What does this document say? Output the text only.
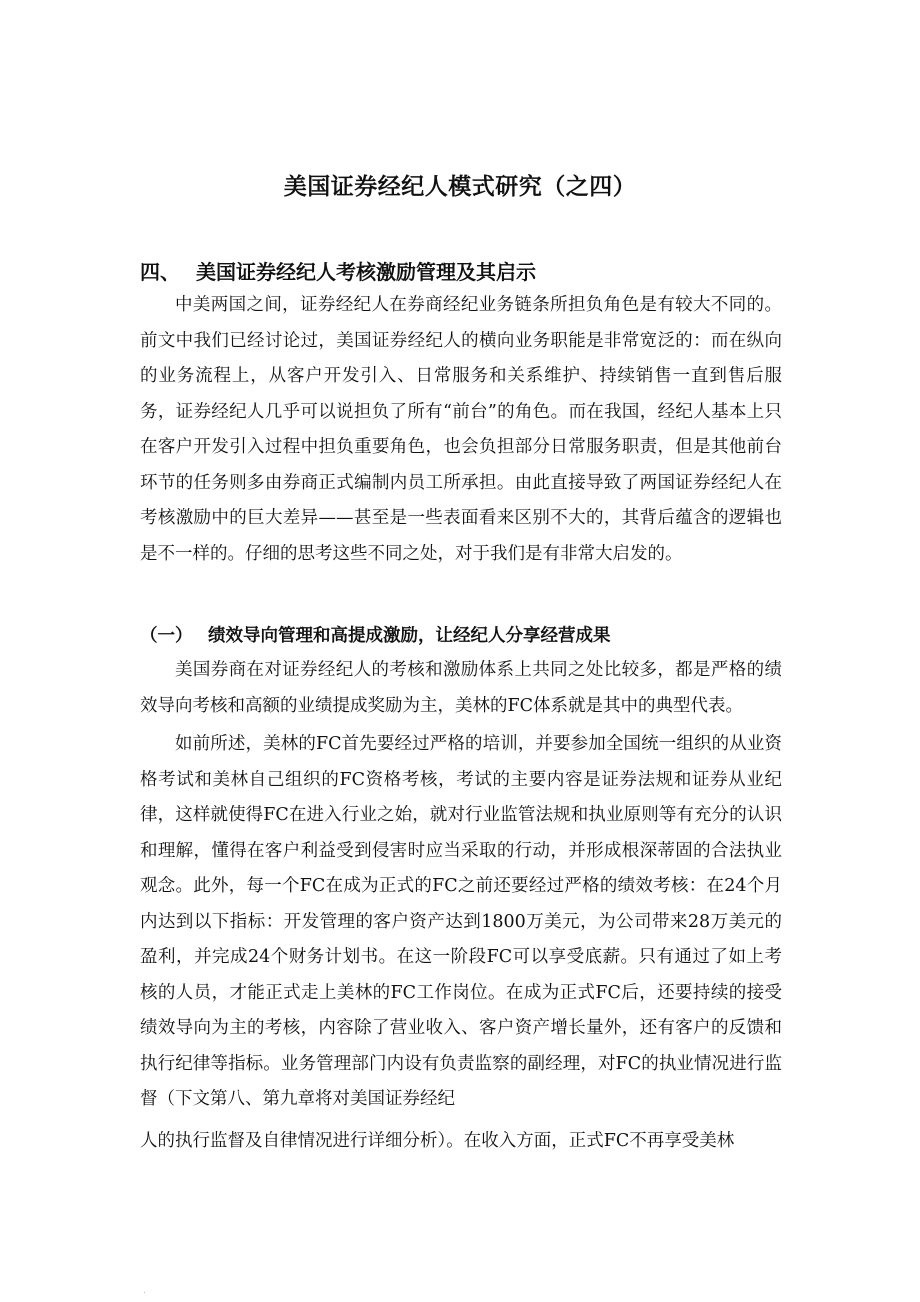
美国证券经纪人模式研究（之四）
四、 美国证券经纪人考核激励管理及其启示

中美两国之间，证券经纪人在券商经纪业务链条所担负角色是有较大不同的。前文中我们已经讨论过，美国证券经纪人的横向业务职能是非常宽泛的：而在纵向的业务流程上，从客户开发引入、日常服务和关系维护、持续销售一直到售后服务，证券经纪人几乎可以说担负了所有“前台”的角色。而在我国，经纪人基本上只在客户开发引入过程中担负重要角色，也会负担部分日常服务职责，但是其他前台环节的任务则多由券商正式编制内员工所承担。由此直接导致了两国证券经纪人在考核激励中的巨大差异——甚至是一些表面看来区别不大的，其背后蕴含的逻辑也是不一样的。仔细的思考这些不同之处，对于我们是有非常大启发的。

（一） 绩效导向管理和高提成激励，让经纪人分享经营成果

美国券商在对证券经纪人的考核和激励体系上共同之处比较多，都是严格的绩效导向考核和高额的业绩提成奖励为主，美林的FC体系就是其中的典型代表。

如前所述，美林的FC首先要经过严格的培训，并要参加全国统一组织的从业资格考试和美林自己组织的FC资格考核，考试的主要内容是证券法规和证券从业纪律，这样就使得FC在进入行业之始，就对行业监管法规和执业原则等有充分的认识和理解，懂得在客户利益受到侵害时应当采取的行动，并形成根深蒂固的合法执业观念。此外，每一个FC在成为正式的FC之前还要经过严格的绩效考核：在24个月内达到以下指标：开发管理的客户资产达到1800万美元，为公司带来28万美元的盈利，并完成24个财务计划书。在这一阶段FC可以享受底薪。只有通过了如上考核的人员，才能正式走上美林的FC工作岗位。在成为正式FC后，还要持续的接受绩效导向为主的考核，内容除了营业收入、客户资产增长量外，还有客户的反馈和执行纪律等指标。业务管理部门内设有负责监察的副经理，对FC的执业情况进行监督（下文第八、第九章将对美国证券经纪

人的执行监督及自律情况进行详细分析）。在收入方面，正式FC不再享受美林
.
